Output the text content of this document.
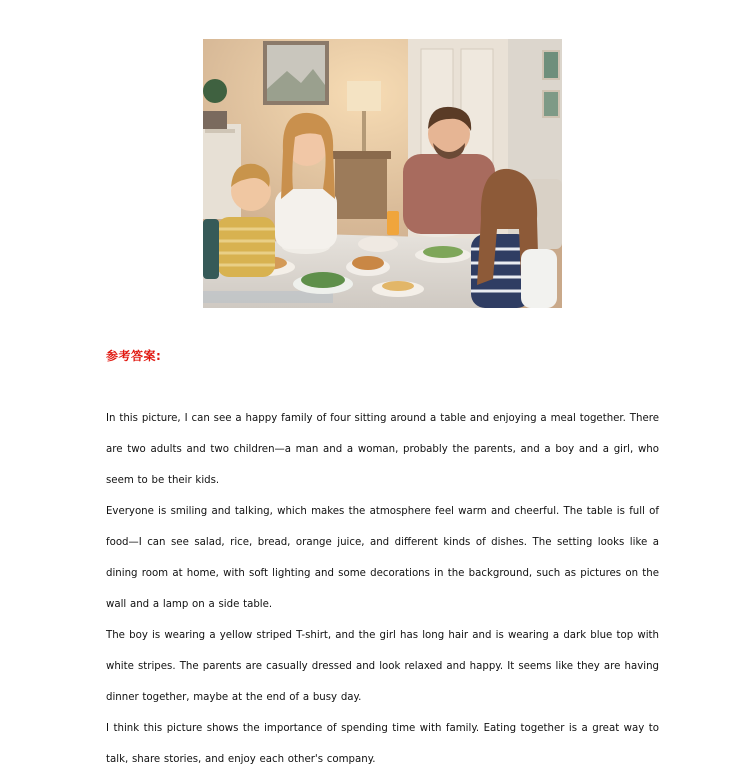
参考答案:

In this picture, I can see a happy family of four sitting around a table and enjoying a meal together. There are two adults and two children—a man and a woman, probably the parents, and a boy and a girl, who seem to be their kids.

Everyone is smiling and talking, which makes the atmosphere feel warm and cheerful. The table is full of food—I can see salad, rice, bread, orange juice, and different kinds of dishes. The setting looks like a dining room at home, with soft lighting and some decorations in the background, such as pictures on the wall and a lamp on a side table.

The boy is wearing a yellow striped T-shirt, and the girl has long hair and is wearing a dark blue top with white stripes. The parents are casually dressed and look relaxed and happy. It seems like they are having dinner together, maybe at the end of a busy day.

I think this picture shows the importance of spending time with family. Eating together is a great way to talk, share stories, and enjoy each other's company.
